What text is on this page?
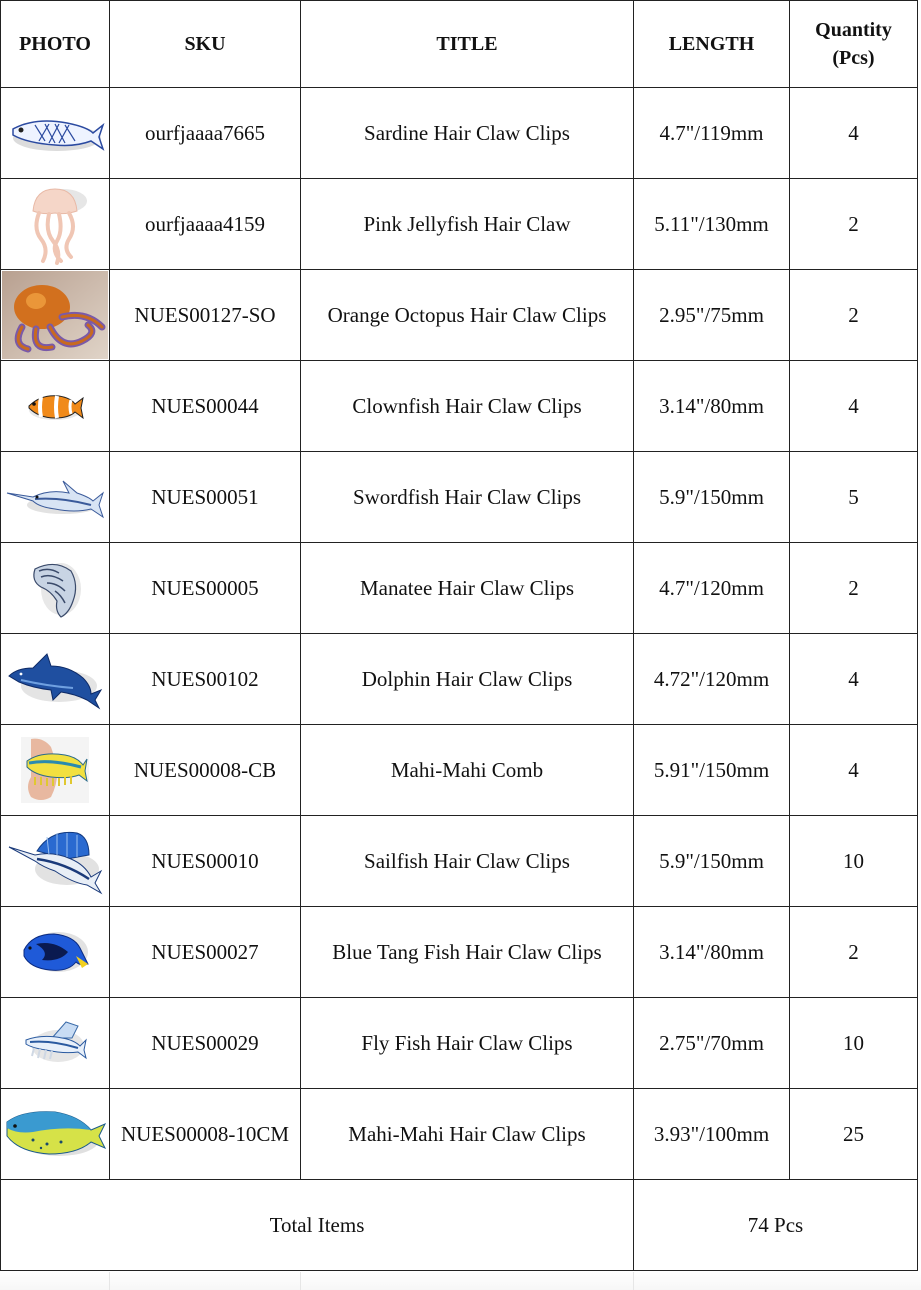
PHOTO	SKU	TITLE	LENGTH	Quantity
(Pcs)

	ourfjaaaa7665	Sardine Hair Claw Clips	4.7"/119mm	4

	ourfjaaaa4159	Pink Jellyfish Hair Claw	5.11"/130mm	2

	NUES00127-SO	Orange Octopus Hair Claw Clips	2.95"/75mm	2

	NUES00044	Clownfish Hair Claw Clips	3.14"/80mm	4

	NUES00051	Swordfish Hair Claw Clips	5.9"/150mm	5

	NUES00005	Manatee Hair Claw Clips	4.7"/120mm	2

	NUES00102	Dolphin Hair Claw Clips	4.72"/120mm	4

	NUES00008-CB	Mahi-Mahi Comb	5.91"/150mm	4

	NUES00010	Sailfish Hair Claw Clips	5.9"/150mm	10

	NUES00027	Blue Tang Fish Hair Claw Clips	3.14"/80mm	2

	NUES00029	Fly Fish Hair Claw Clips	2.75"/70mm	10

	NUES00008-10CM	Mahi-Mahi Hair Claw Clips	3.93"/100mm	25
Total Items			74 Pcs	
